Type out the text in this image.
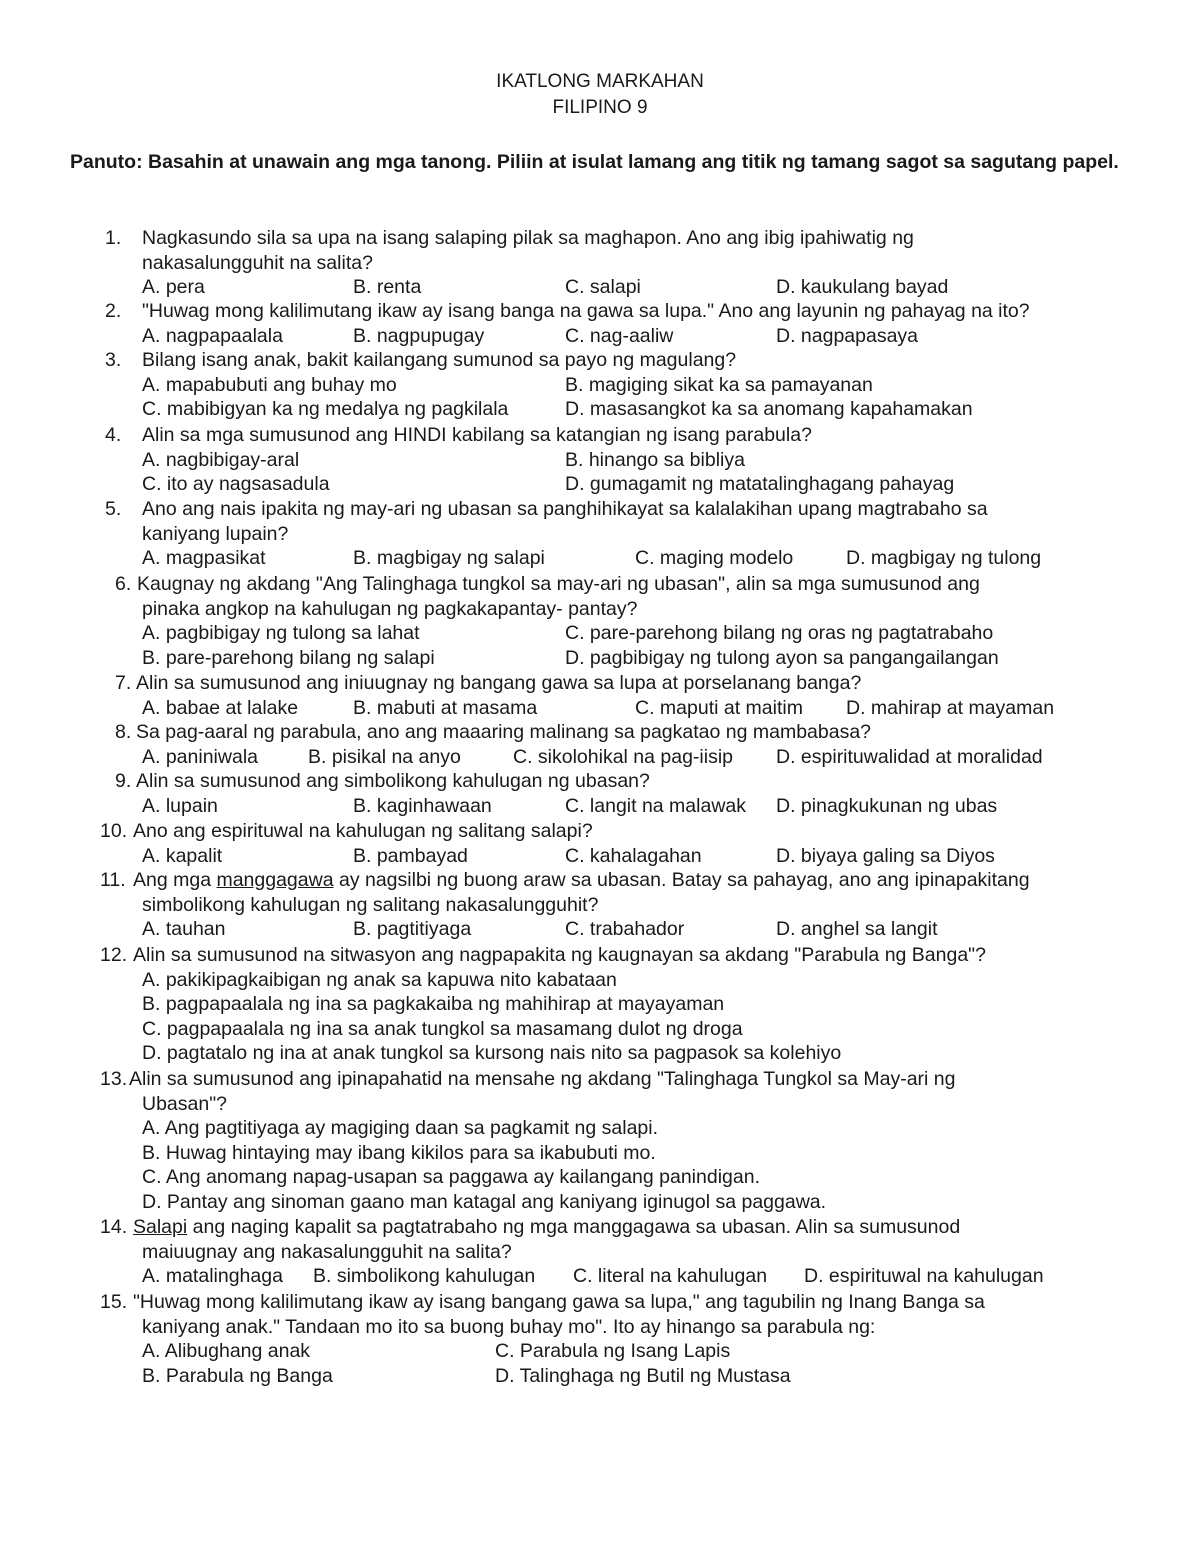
IKATLONG MARKAHAN
FILIPINO 9
Panuto: Basahin at unawain ang mga tanong. Piliin at isulat lamang ang titik ng tamang sagot sa sagutang papel.
1. Nagkasundo sila sa upa na isang salaping pilak sa maghapon. Ano ang ibig ipahiwatig ng
nakasalungguhit na salita?
A. pera	B. renta	C. salapi	D. kaukulang bayad
2. "Huwag mong kalilimutang ikaw ay isang banga na gawa sa lupa." Ano ang layunin ng pahayag na ito?
A. nagpapaalala	B. nagpupugay	C. nag-aaliw	D. nagpapasaya
3. Bilang isang anak, bakit kailangang sumunod sa payo ng magulang?
A. mapabubuti ang buhay mo	B. magiging sikat ka sa pamayanan
C. mabibigyan ka ng medalya ng pagkilala	D. masasangkot ka sa anomang kapahamakan
4. Alin sa mga sumusunod ang HINDI kabilang sa katangian ng isang parabula?
A. nagbibigay-aral	B. hinango sa bibliya
C. ito ay nagsasadula	D. gumagamit ng matatalinghagang pahayag
5. Ano ang nais ipakita ng may-ari ng ubasan sa panghihikayat sa kalalakihan upang magtrabaho sa
kaniyang lupain?
A. magpasikat	B. magbigay ng salapi	C. maging modelo	D. magbigay ng tulong
6. Kaugnay ng akdang "Ang Talinghaga tungkol sa may-ari ng ubasan", alin sa mga sumusunod ang
pinaka angkop na kahulugan ng pagkakapantay- pantay?
A. pagbibigay ng tulong sa lahat	C. pare-parehong bilang ng oras ng pagtatrabaho
B. pare-parehong bilang ng salapi	D. pagbibigay ng tulong ayon sa pangangailangan
7. Alin sa sumusunod ang iniuugnay ng bangang gawa sa lupa at porselanang banga?
A. babae at lalake	B. mabuti at masama	C. maputi at maitim D. mahirap at mayaman
8. Sa pag-aaral ng parabula, ano ang maaaring malinang sa pagkatao ng mambabasa?
A. paniniwala	B. pisikal na anyo	C. sikolohikal na pag-iisip D. espirituwalidad at moralidad
9. Alin sa sumusunod ang simbolikong kahulugan ng ubasan?
A. lupain	B. kaginhawaan	C. langit na malawak D. pinagkukunan ng ubas
10. Ano ang espirituwal na kahulugan ng salitang salapi?
A. kapalit	B. pambayad	C. kahalagahan	D. biyaya galing sa Diyos
11. Ang mga manggagawa ay nagsilbi ng buong araw sa ubasan. Batay sa pahayag, ano ang ipinapakitang
simbolikong kahulugan ng salitang nakasalungguhit?
A. tauhan	B. pagtitiyaga	C. trabahador	D. anghel sa langit
12. Alin sa sumusunod na sitwasyon ang nagpapakita ng kaugnayan sa akdang "Parabula ng Banga"?
A. pakikipagkaibigan ng anak sa kapuwa nito kabataan
B. pagpapaalala ng ina sa pagkakaiba ng mahihirap at mayayaman
C. pagpapaalala ng ina sa anak tungkol sa masamang dulot ng droga
D. pagtatalo ng ina at anak tungkol sa kursong nais nito sa pagpasok sa kolehiyo
13. Alin sa sumusunod ang ipinapahatid na mensahe ng akdang "Talinghaga Tungkol sa May-ari ng
Ubasan"?
A. Ang pagtitiyaga ay magiging daan sa pagkamit ng salapi.
B. Huwag hintaying may ibang kikilos para sa ikabubuti mo.
C. Ang anomang napag-usapan sa paggawa ay kailangang panindigan.
D. Pantay ang sinoman gaano man katagal ang kaniyang iginugol sa paggawa.
14. Salapi ang naging kapalit sa pagtatrabaho ng mga manggagawa sa ubasan. Alin sa sumusunod
maiuugnay ang nakasalungguhit na salita?
A. matalinghaga B. simbolikong kahulugan C. literal na kahulugan D. espirituwal na kahulugan
15. "Huwag mong kalilimutang ikaw ay isang bangang gawa sa lupa," ang tagubilin ng Inang Banga sa
kaniyang anak." Tandaan mo ito sa buong buhay mo". Ito ay hinango sa parabula ng:
A. Alibughang anak	C. Parabula ng Isang Lapis
B. Parabula ng Banga	D. Talinghaga ng Butil ng Mustasa
